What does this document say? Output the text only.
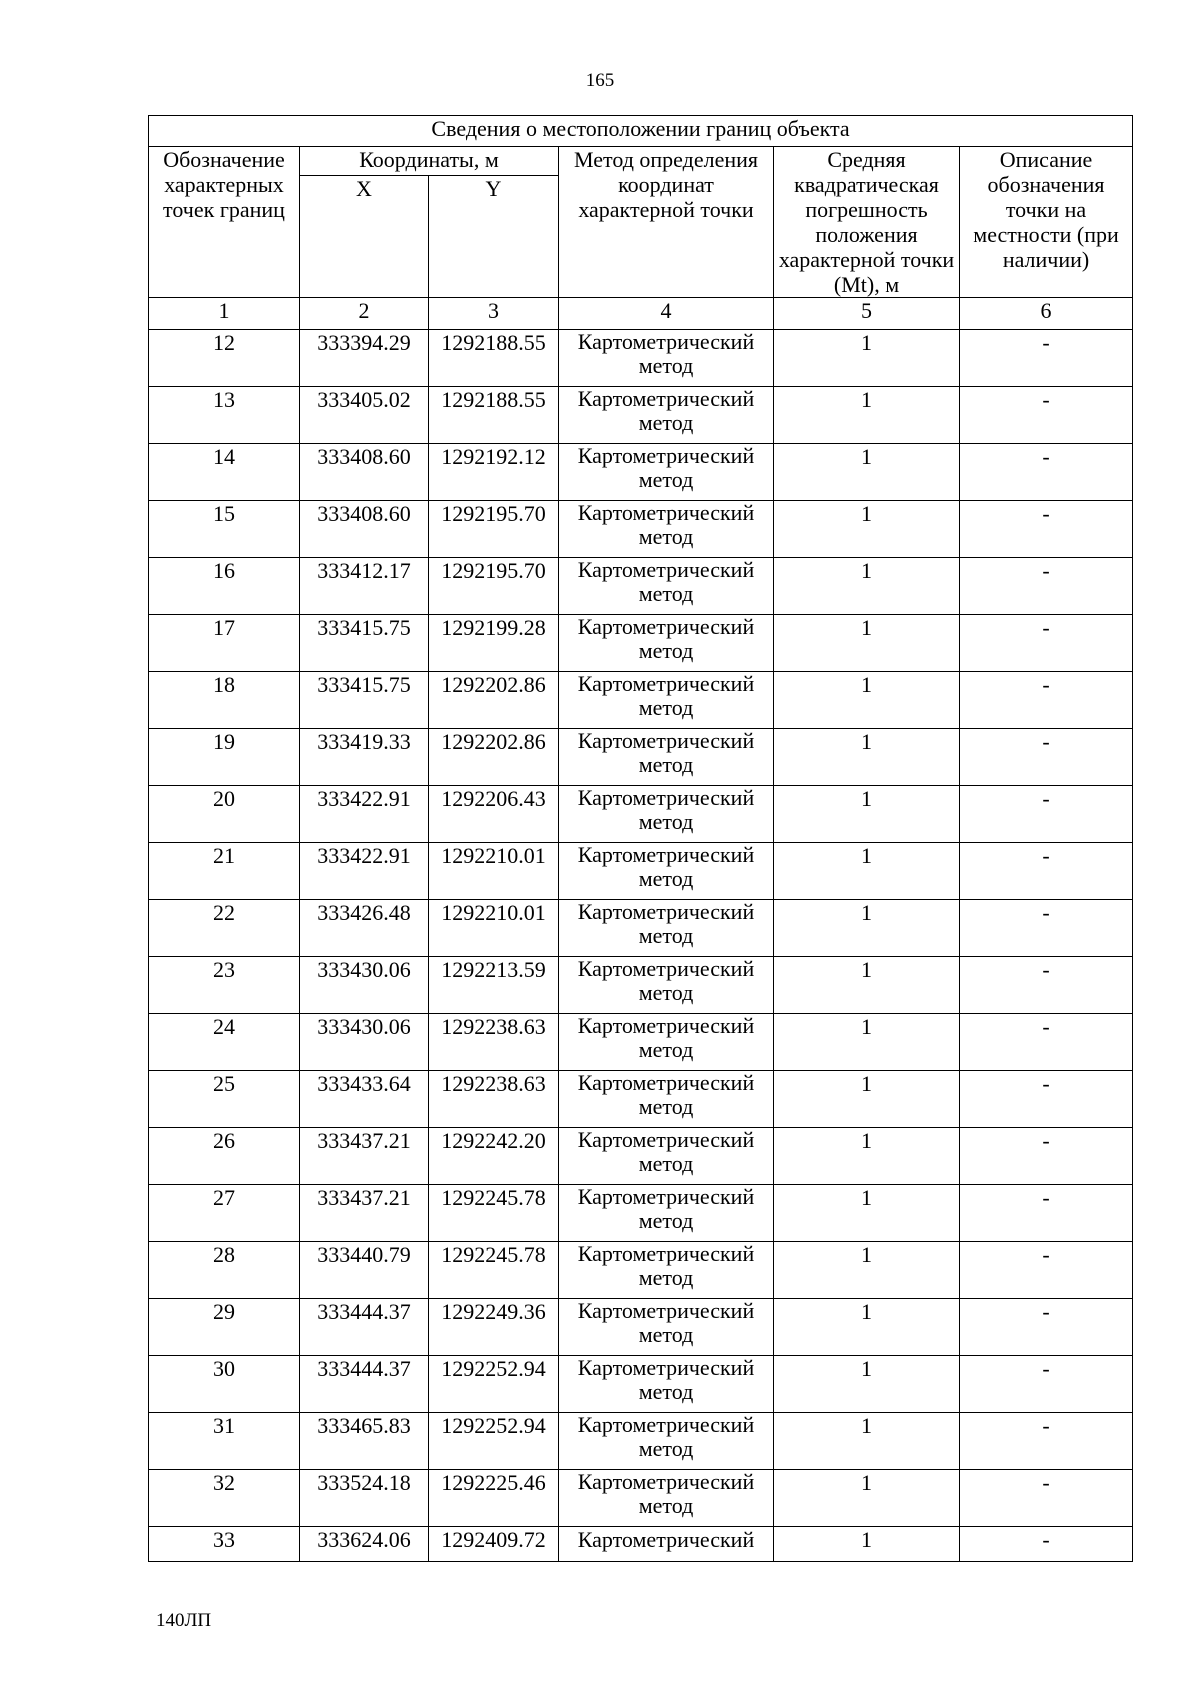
165
Сведения о местоположении границ объекта					
Обозначение характерных точек границ	Координаты, м		Метод определения координат характерной точки	Средняя квадратическая погрешность положения характерной точки (Mt), м	Описание обозначения точки на местности (при наличии)
	X	Y			
1	2	3	4	5	6
12	333394.29	1292188.55	Картометрический метод	1	-
13	333405.02	1292188.55	Картометрический метод	1	-
14	333408.60	1292192.12	Картометрический метод	1	-
15	333408.60	1292195.70	Картометрический метод	1	-
16	333412.17	1292195.70	Картометрический метод	1	-
17	333415.75	1292199.28	Картометрический метод	1	-
18	333415.75	1292202.86	Картометрический метод	1	-
19	333419.33	1292202.86	Картометрический метод	1	-
20	333422.91	1292206.43	Картометрический метод	1	-
21	333422.91	1292210.01	Картометрический метод	1	-
22	333426.48	1292210.01	Картометрический метод	1	-
23	333430.06	1292213.59	Картометрический метод	1	-
24	333430.06	1292238.63	Картометрический метод	1	-
25	333433.64	1292238.63	Картометрический метод	1	-
26	333437.21	1292242.20	Картометрический метод	1	-
27	333437.21	1292245.78	Картометрический метод	1	-
28	333440.79	1292245.78	Картометрический метод	1	-
29	333444.37	1292249.36	Картометрический метод	1	-
30	333444.37	1292252.94	Картометрический метод	1	-
31	333465.83	1292252.94	Картометрический метод	1	-
32	333524.18	1292225.46	Картометрический метод	1	-
33	333624.06	1292409.72	Картометрический	1	-
140ЛП
